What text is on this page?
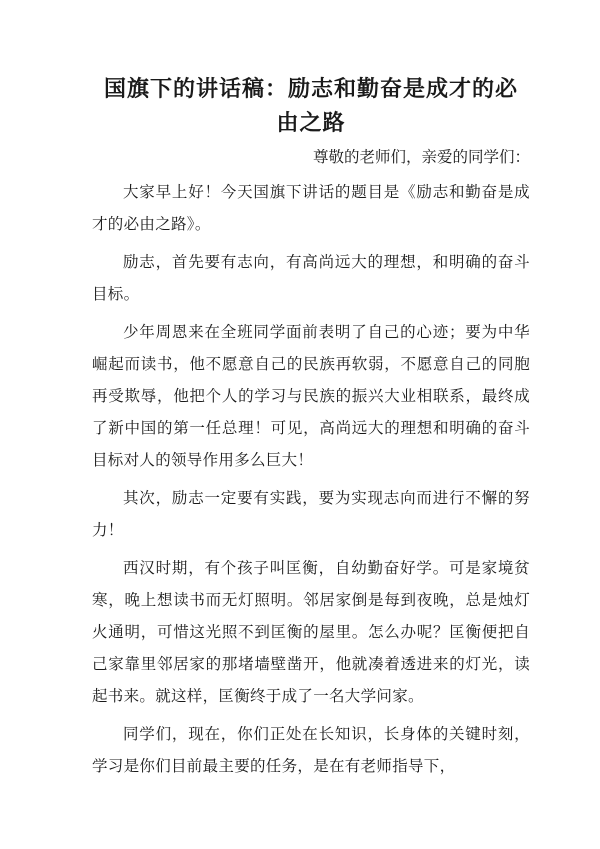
国旗下的讲话稿：励志和勤奋是成才的必由之路

尊敬的老师们，亲爱的同学们：

大家早上好！今天国旗下讲话的题目是《励志和勤奋是成才的必由之路》。

励志，首先要有志向，有高尚远大的理想，和明确的奋斗目标。

少年周恩来在全班同学面前表明了自己的心迹；要为中华崛起而读书，他不愿意自己的民族再软弱，不愿意自己的同胞再受欺辱，他把个人的学习与民族的振兴大业相联系，最终成了新中国的第一任总理！可见，高尚远大的理想和明确的奋斗目标对人的领导作用多么巨大！

其次，励志一定要有实践，要为实现志向而进行不懈的努力！

西汉时期，有个孩子叫匡衡，自幼勤奋好学。可是家境贫寒，晚上想读书而无灯照明。邻居家倒是每到夜晚，总是烛灯火通明，可惜这光照不到匡衡的屋里。怎么办呢？匡衡便把自己家靠里邻居家的那堵墙壁凿开，他就凑着透进来的灯光，读起书来。就这样，匡衡终于成了一名大学问家。

同学们，现在，你们正处在长知识，长身体的关键时刻，学习是你们目前最主要的任务，是在有老师指导下，
